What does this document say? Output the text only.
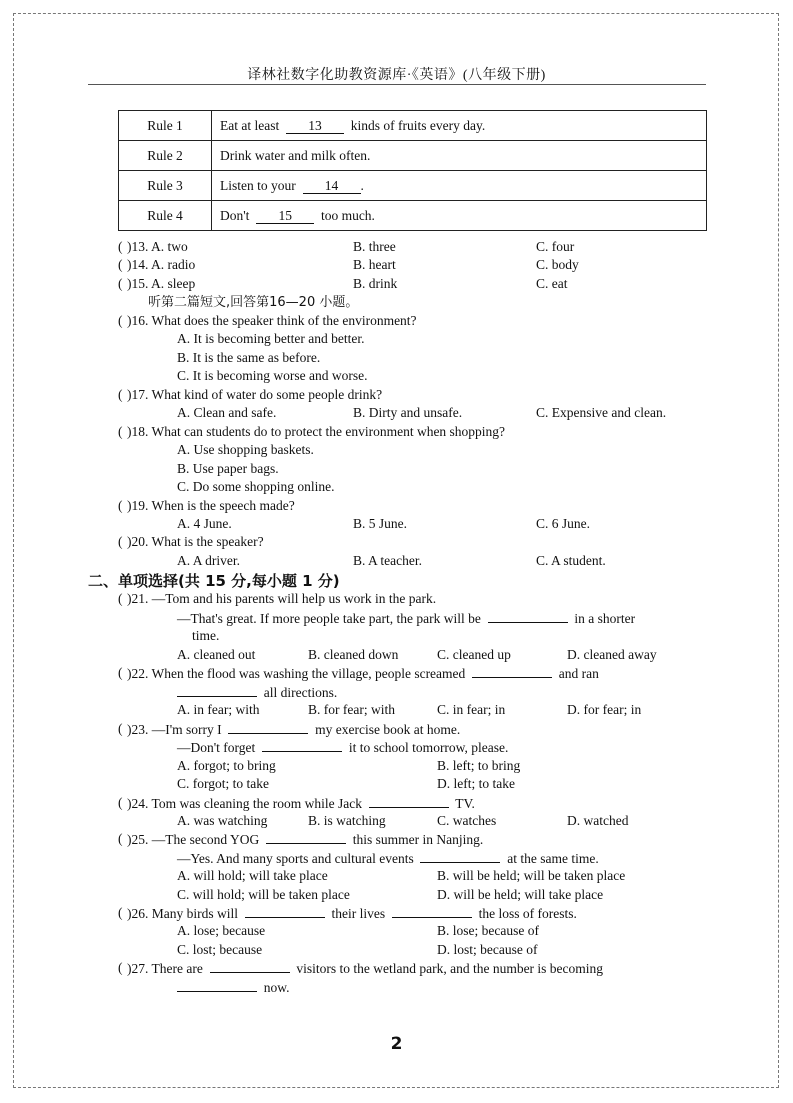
译林社数字化助教资源库·《英语》(八年级下册)
Rule 1	Eat at least 13 kinds of fruits every day.
Rule 2	Drink water and milk often.
Rule 3	Listen to your 14 .
Rule 4	Don't 15 too much.
( )13. A. two	B. three	C. four
( )14. A. radio	B. heart	C. body
( )15. A. sleep	B. drink	C. eat
听第二篇短文,回答第16—20 小题。
( )16. What does the speaker think of the environment?
A. It is becoming better and better.
B. It is the same as before.
C. It is becoming worse and worse.
( )17. What kind of water do some people drink?
A. Clean and safe.	B. Dirty and unsafe.	C. Expensive and clean.
( )18. What can students do to protect the environment when shopping?
A. Use shopping baskets.
B. Use paper bags.
C. Do some shopping online.
( )19. When is the speech made?
A. 4 June.	B. 5 June.	C. 6 June.
( )20. What is the speaker?
A. A driver.	B. A teacher.	C. A student.
二、单项选择(共 15 分,每小题 1 分)
( )21. —Tom and his parents will help us work in the park.
—That's great. If more people take part, the park will be	in a shorter
time.
A. cleaned out	B. cleaned down	C. cleaned up	D. cleaned away
( )22. When the flood was washing the village, people screamed	and ran
all directions.
A. in fear; with	B. for fear; with	C. in fear; in	D. for fear; in
( )23. —I'm sorry I	my exercise book at home.
—Don't forget	it to school tomorrow, please.
A. forgot; to bring	B. left; to bring
C. forgot; to take	D. left; to take
( )24. Tom was cleaning the room while Jack	TV.
A. was watching	B. is watching	C. watches	D. watched
( )25. —The second YOG	this summer in Nanjing.
—Yes. And many sports and cultural events	at the same time.
A. will hold; will take place	B. will be held; will be taken place
C. will hold; will be taken place	D. will be held; will take place
( )26. Many birds will	their lives	the loss of forests.
A. lose; because	B. lose; because of
C. lost; because	D. lost; because of
( )27. There are	visitors to the wetland park, and the number is becoming
now.
2
